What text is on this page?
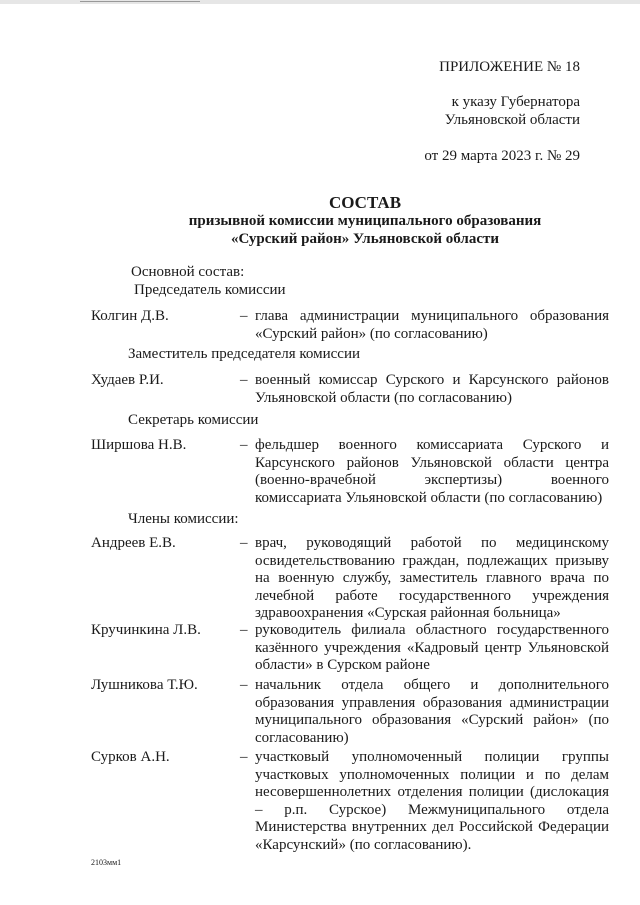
ПРИЛОЖЕНИЕ № 18
к указу Губернатора
Ульяновской области
от 29 марта 2023 г. № 29
СОСТАВ
призывной комиссии муниципального образования
«Сурский район» Ульяновской области
Основной состав:
Председатель комиссии
Колгин Д.В.	– глава администрации муниципального образования «Сурский район» (по согласованию)
Заместитель председателя комиссии
Худаев Р.И.	– военный комиссар Сурского и Карсунского районов Ульяновской области (по согласованию)
Секретарь комиссии
Ширшова Н.В.	– фельдшер военного комиссариата Сурского и Карсунского районов Ульяновской области центра (военно-врачебной экспертизы) военного комиссариата Ульяновской области (по согласованию)
Члены комиссии:
Андреев Е.В.	– врач, руководящий работой по медицинскому освидетельствованию граждан, подлежащих призыву на военную службу, заместитель главного врача по лечебной работе государственного учреждения здравоохранения «Сурская районная больница»
Кручинкина Л.В.	– руководитель филиала областного государственного казённого учреждения «Кадровый центр Ульяновской области» в Сурском районе
Лушникова Т.Ю.	– начальник отдела общего и дополнительного образования управления образования администрации муниципального образования «Сурский район» (по согласованию)
Сурков А.Н.	– участковый уполномоченный полиции группы участковых уполномоченных полиции и по делам несовершеннолетних отделения полиции (дислокация – р.п. Сурское) Межмуниципального отдела Министерства внутренних дел Российской Федерации «Карсунский» (по согласованию).
2103мм1
